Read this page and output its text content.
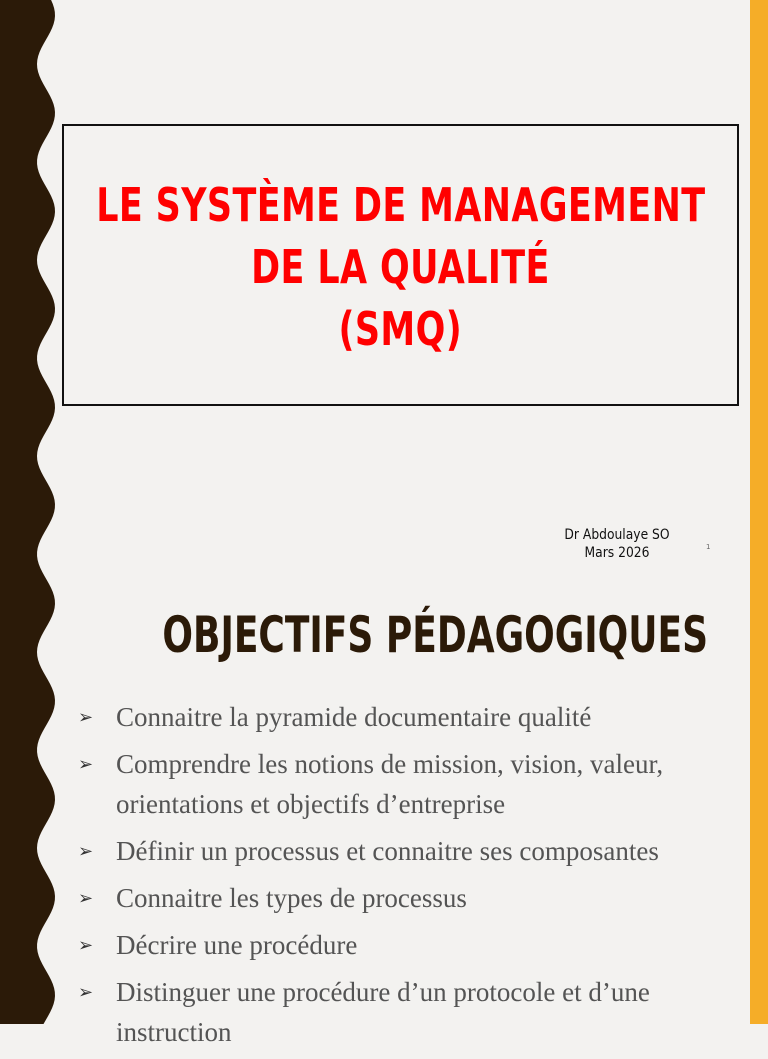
LE SYSTÈME DE MANAGEMENT
DE LA QUALITÉ
(SMQ)
Dr Abdoulaye SO
Mars 2026	1
OBJECTIFS PÉDAGOGIQUES
➢ Connaitre la pyramide documentaire qualité
➢ Comprendre les notions de mission, vision, valeur, orientations et objectifs d’entreprise
➢ Définir un processus et connaitre ses composantes
➢ Connaitre les types de processus
➢ Décrire une procédure
➢ Distinguer une procédure d’un protocole et d’une instruction
